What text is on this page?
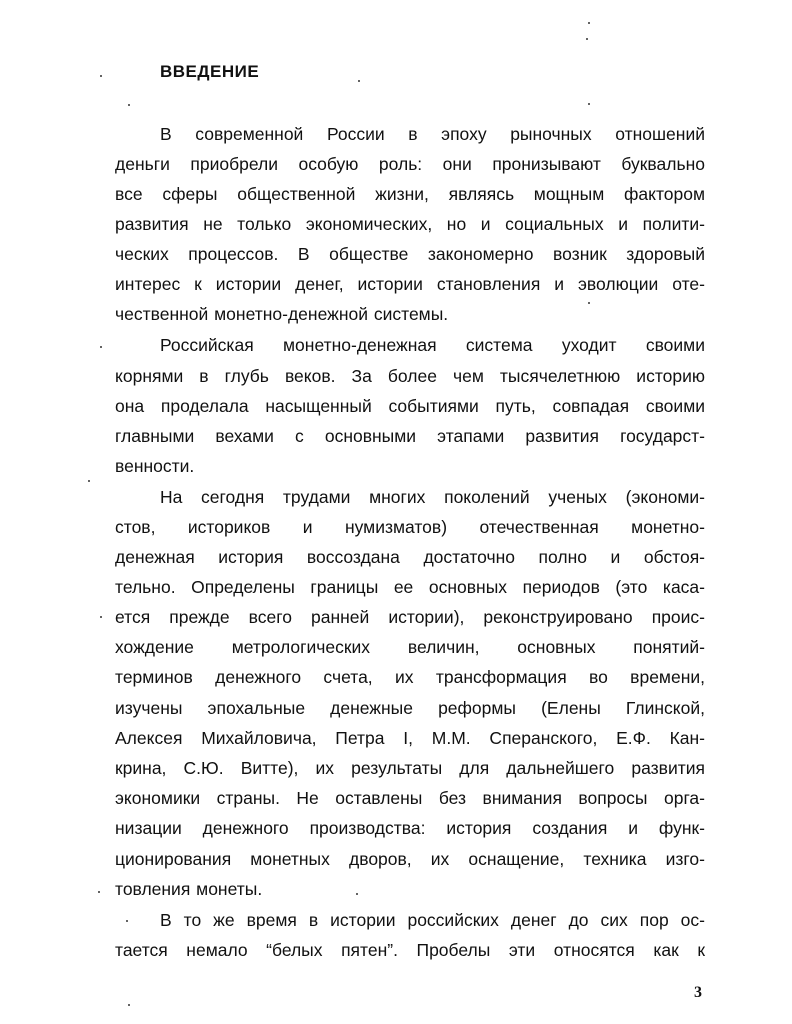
ВВЕДЕНИЕ
В современной России в эпоху рыночных отношений
деньги приобрели особую роль: они пронизывают буквально
все сферы общественной жизни, являясь мощным фактором
развития не только экономических, но и социальных и полити-
ческих процессов. В обществе закономерно возник здоровый
интерес к истории денег, истории становления и эволюции оте-
чественной монетно-денежной системы.
Российская монетно-денежная система уходит своими
корнями в глубь веков. За более чем тысячелетнюю историю
она проделала насыщенный событиями путь, совпадая своими
главными вехами с основными этапами развития государст-
венности.
На сегодня трудами многих поколений ученых (экономи-
стов, историков и нумизматов) отечественная монетно-
денежная история воссоздана достаточно полно и обстоя-
тельно. Определены границы ее основных периодов (это каса-
ется прежде всего ранней истории), реконструировано проис-
хождение метрологических величин, основных понятий-
терминов денежного счета, их трансформация во времени,
изучены эпохальные денежные реформы (Елены Глинской,
Алексея Михайловича, Петра I, М.М. Сперанского, Е.Ф. Кан-
крина, С.Ю. Витте), их результаты для дальнейшего развития
экономики страны. Не оставлены без внимания вопросы орга-
низации денежного производства: история создания и функ-
ционирования монетных дворов, их оснащение, техника изго-
товления монеты.
В то же время в истории российских денег до сих пор ос-
тается немало “белых пятен”. Пробелы эти относятся как к
3
